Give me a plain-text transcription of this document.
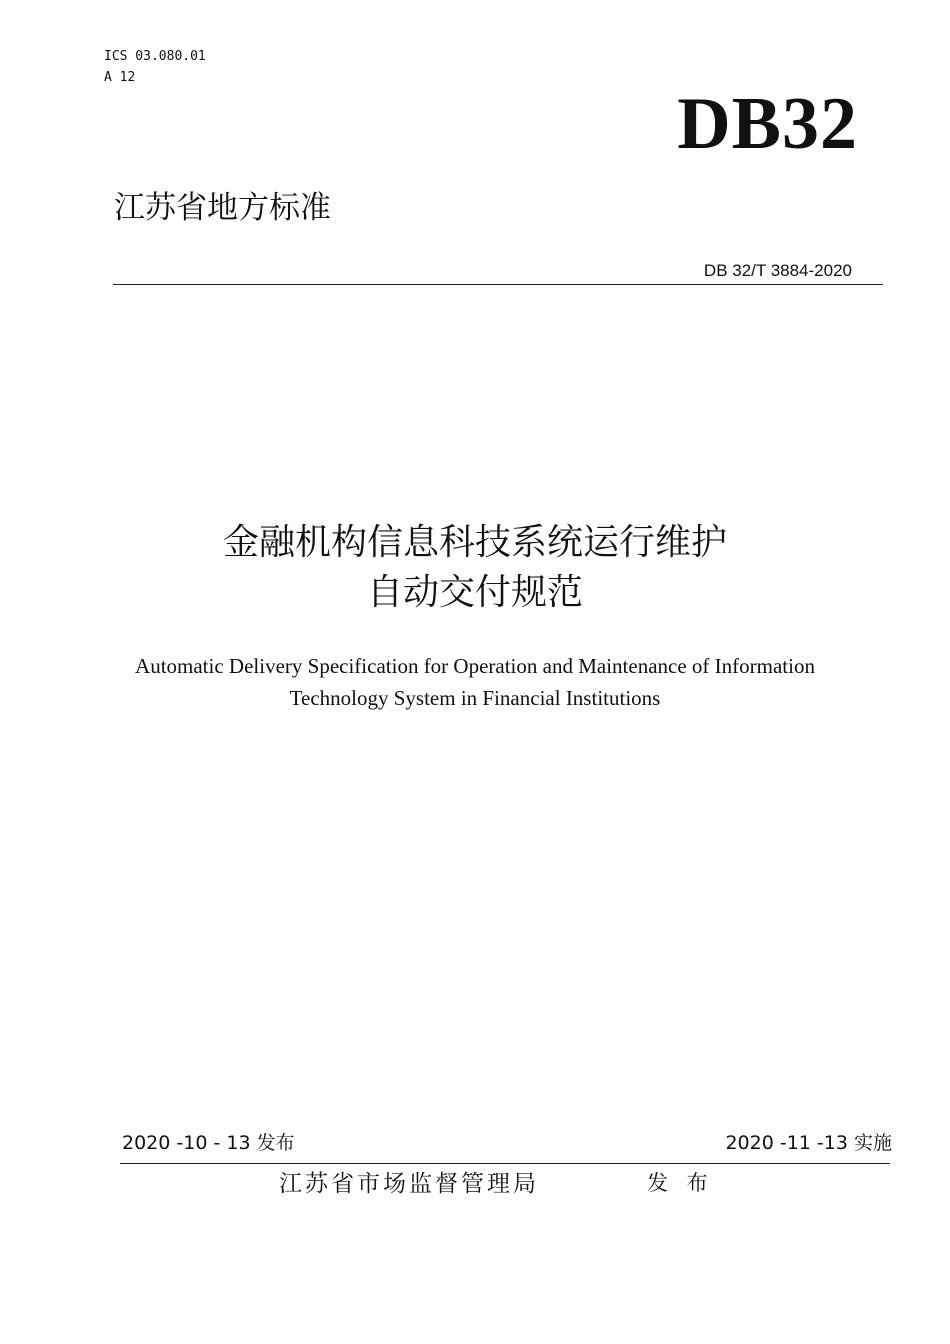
ICS 03.080.01
A 12
DB32
江苏省地方标准
DB 32/T 3884-2020
金融机构信息科技系统运行维护
自动交付规范
Automatic Delivery Specification for Operation and Maintenance of Information
Technology System in Financial Institutions
2020 -10 - 13 发布	2020 -11 -13 实施
江苏省市场监督管理局	发 布
